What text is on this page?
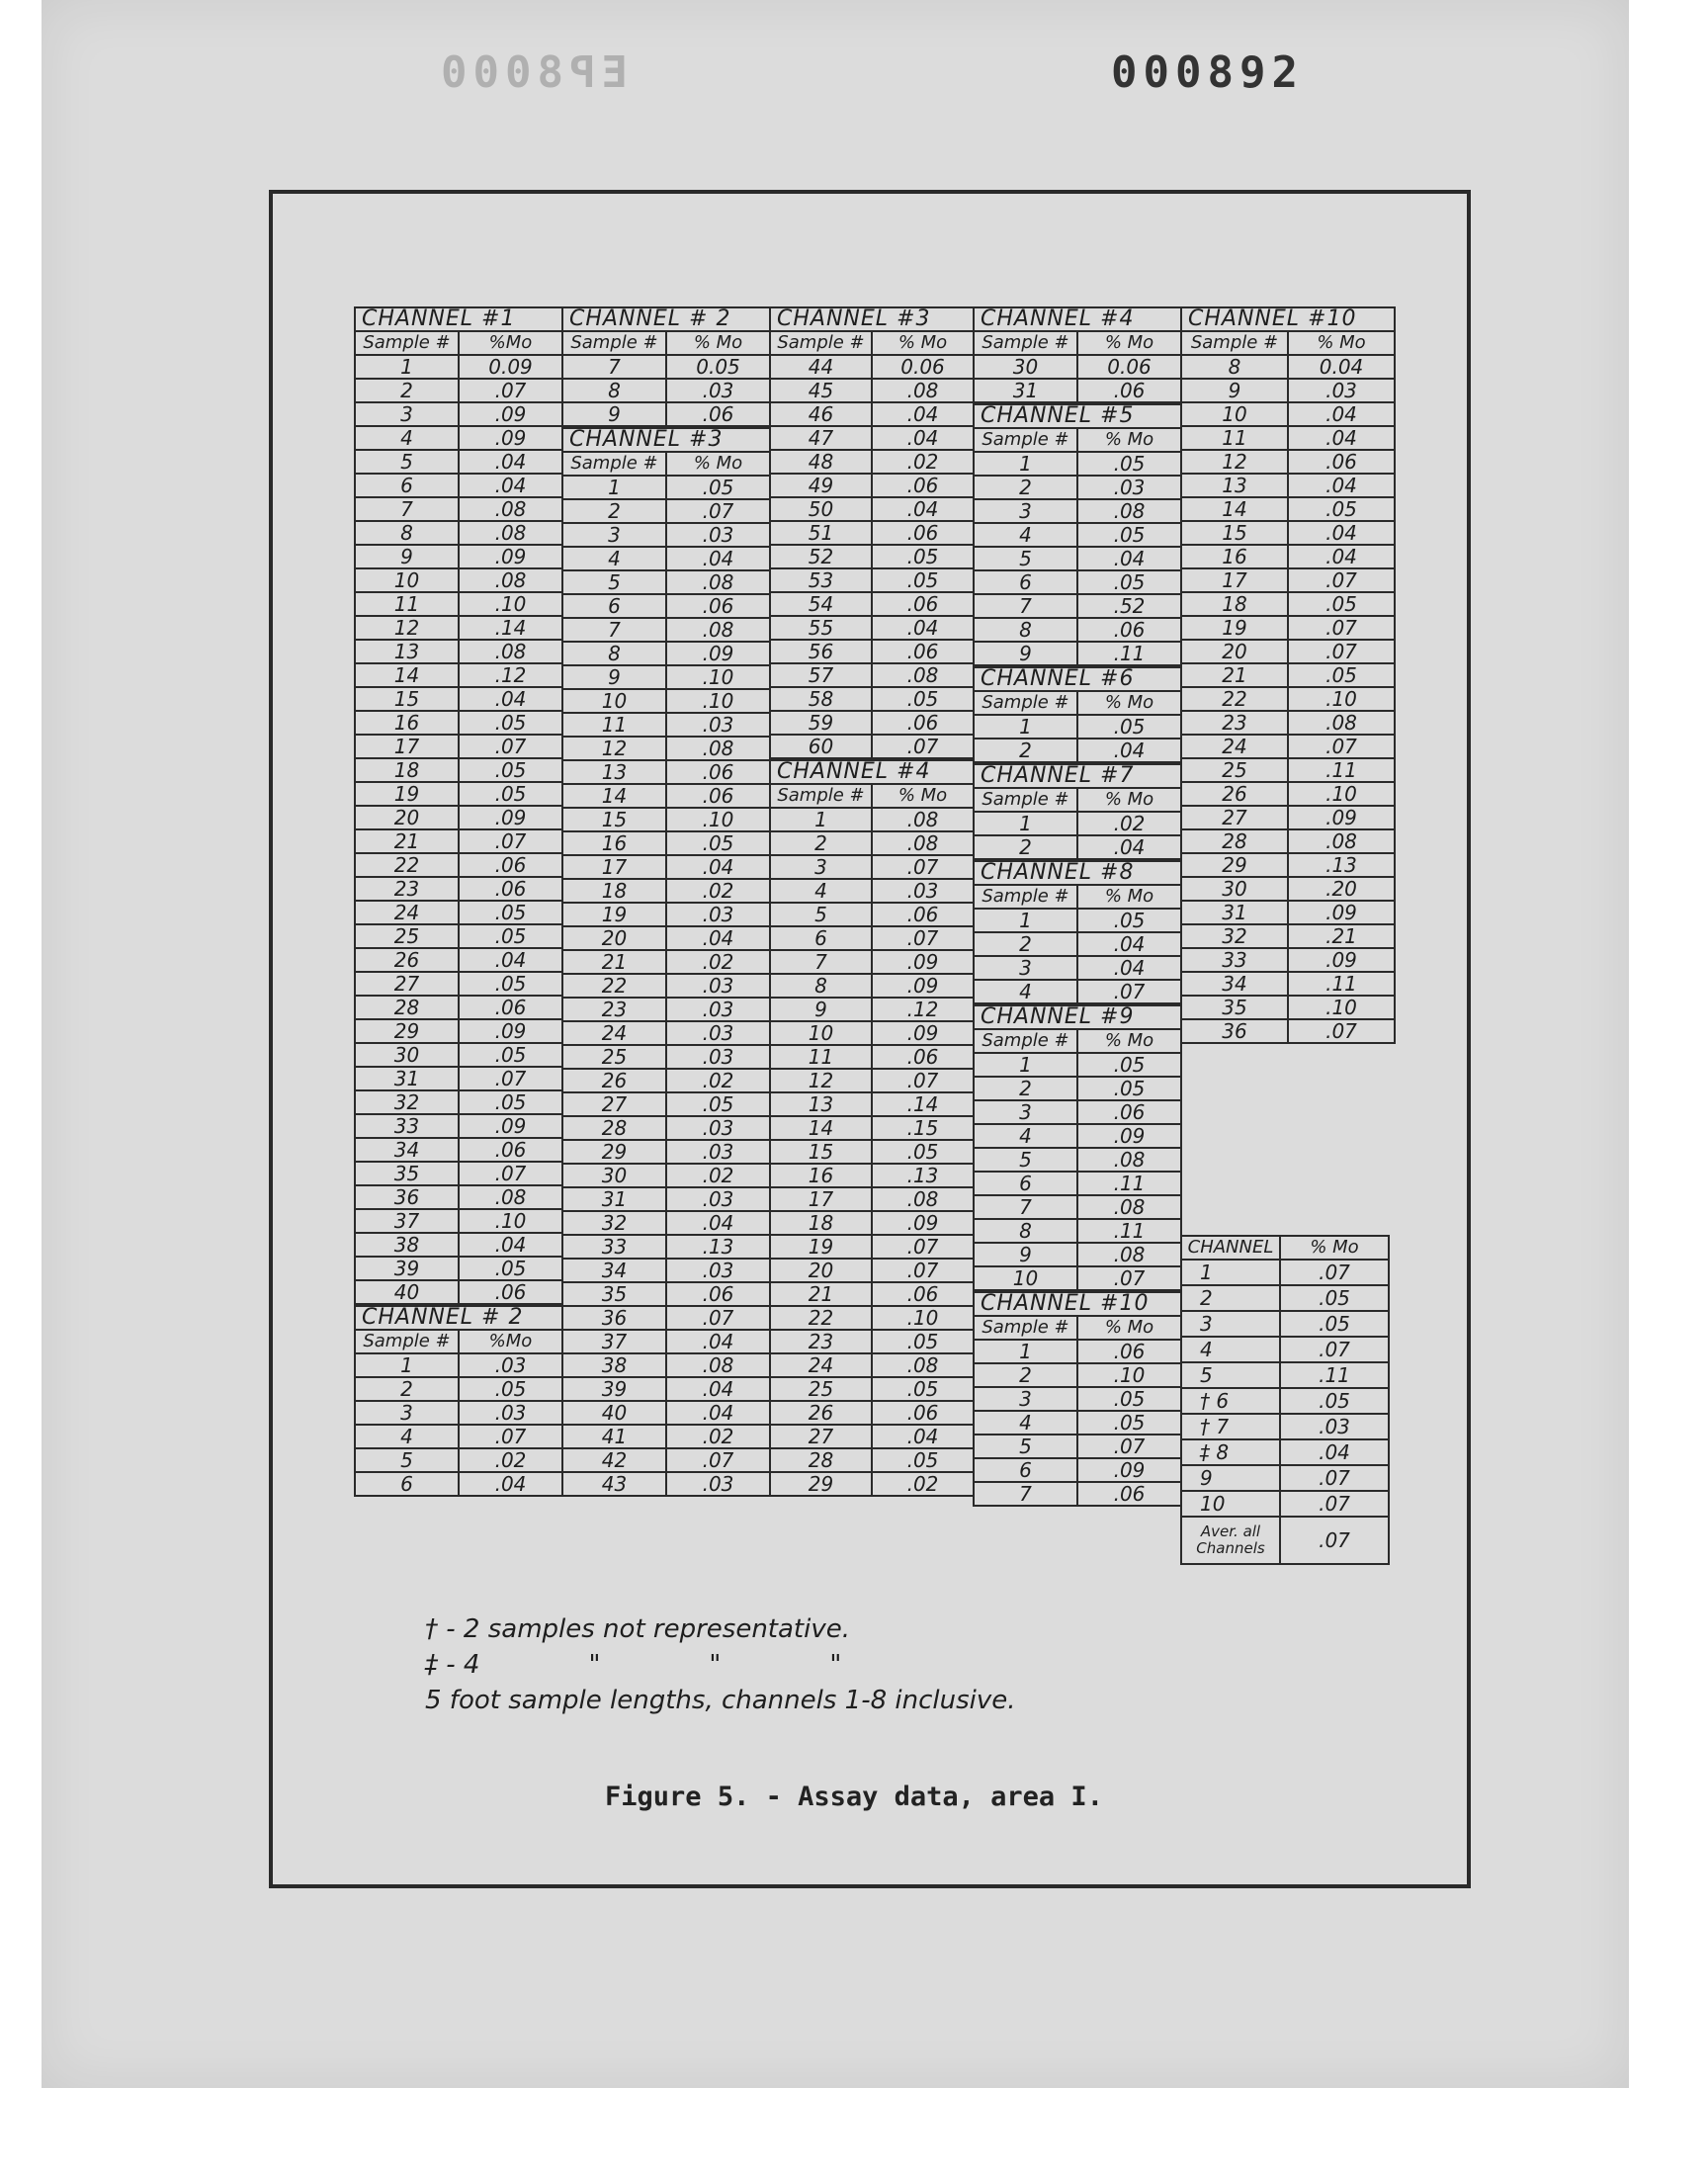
EP8000	000892
CHANNEL #1	
Sample #	%Mo
1	0.09
2	.07
3	.09
4	.09
5	.04
6	.04
7	.08
8	.08
9	.09
10	.08
11	.10
12	.14
13	.08
14	.12
15	.04
16	.05
17	.07
18	.05
19	.05
20	.09
21	.07
22	.06
23	.06
24	.05
25	.05
26	.04
27	.05
28	.06
29	.09
30	.05
31	.07
32	.05
33	.09
34	.06
35	.07
36	.08
37	.10
38	.04
39	.05
40	.06
CHANNEL # 2	
Sample #	%Mo
1	.03
2	.05
3	.03
4	.07
5	.02
6	.04
CHANNEL # 2	
Sample #	% Mo
7	0.05
8	.03
9	.06
CHANNEL #3	
Sample #	% Mo
1	.05
2	.07
3	.03
4	.04
5	.08
6	.06
7	.08
8	.09
9	.10
10	.10
11	.03
12	.08
13	.06
14	.06
15	.10
16	.05
17	.04
18	.02
19	.03
20	.04
21	.02
22	.03
23	.03
24	.03
25	.03
26	.02
27	.05
28	.03
29	.03
30	.02
31	.03
32	.04
33	.13
34	.03
35	.06
36	.07
37	.04
38	.08
39	.04
40	.04
41	.02
42	.07
43	.03
CHANNEL #3	
Sample #	% Mo
44	0.06
45	.08
46	.04
47	.04
48	.02
49	.06
50	.04
51	.06
52	.05
53	.05
54	.06
55	.04
56	.06
57	.08
58	.05
59	.06
60	.07
CHANNEL #4	
Sample #	% Mo
1	.08
2	.08
3	.07
4	.03
5	.06
6	.07
7	.09
8	.09
9	.12
10	.09
11	.06
12	.07
13	.14
14	.15
15	.05
16	.13
17	.08
18	.09
19	.07
20	.07
21	.06
22	.10
23	.05
24	.08
25	.05
26	.06
27	.04
28	.05
29	.02
CHANNEL #4	
Sample #	% Mo
30	0.06
31	.06
CHANNEL #5	
Sample #	% Mo
1	.05
2	.03
3	.08
4	.05
5	.04
6	.05
7	.52
8	.06
9	.11
CHANNEL #6	
Sample #	% Mo
1	.05
2	.04
CHANNEL #7	
Sample #	% Mo
1	.02
2	.04
CHANNEL #8	
Sample #	% Mo
1	.05
2	.04
3	.04
4	.07
CHANNEL #9	
Sample #	% Mo
1	.05
2	.05
3	.06
4	.09
5	.08
6	.11
7	.08
8	.11
9	.08
10	.07
CHANNEL #10	
Sample #	% Mo
1	.06
2	.10
3	.05
4	.05
5	.07
6	.09
7	.06
CHANNEL #10	
Sample #	% Mo
8	0.04
9	.03
10	.04
11	.04
12	.06
13	.04
14	.05
15	.04
16	.04
17	.07
18	.05
19	.07
20	.07
21	.05
22	.10
23	.08
24	.07
25	.11
26	.10
27	.09
28	.08
29	.13
30	.20
31	.09
32	.21
33	.09
34	.11
35	.10
36	.07
CHANNEL	% Mo
1	.07
2	.05
3	.05
4	.07
5	.11
† 6	.05
† 7	.03
‡ 8	.04
9	.07
10	.07
Aver. all Channels	.07
† - 2 samples not representative.
‡ - 4	"	"	"
5 foot sample lengths, channels 1-8 inclusive.
Figure 5. - Assay data, area I.
